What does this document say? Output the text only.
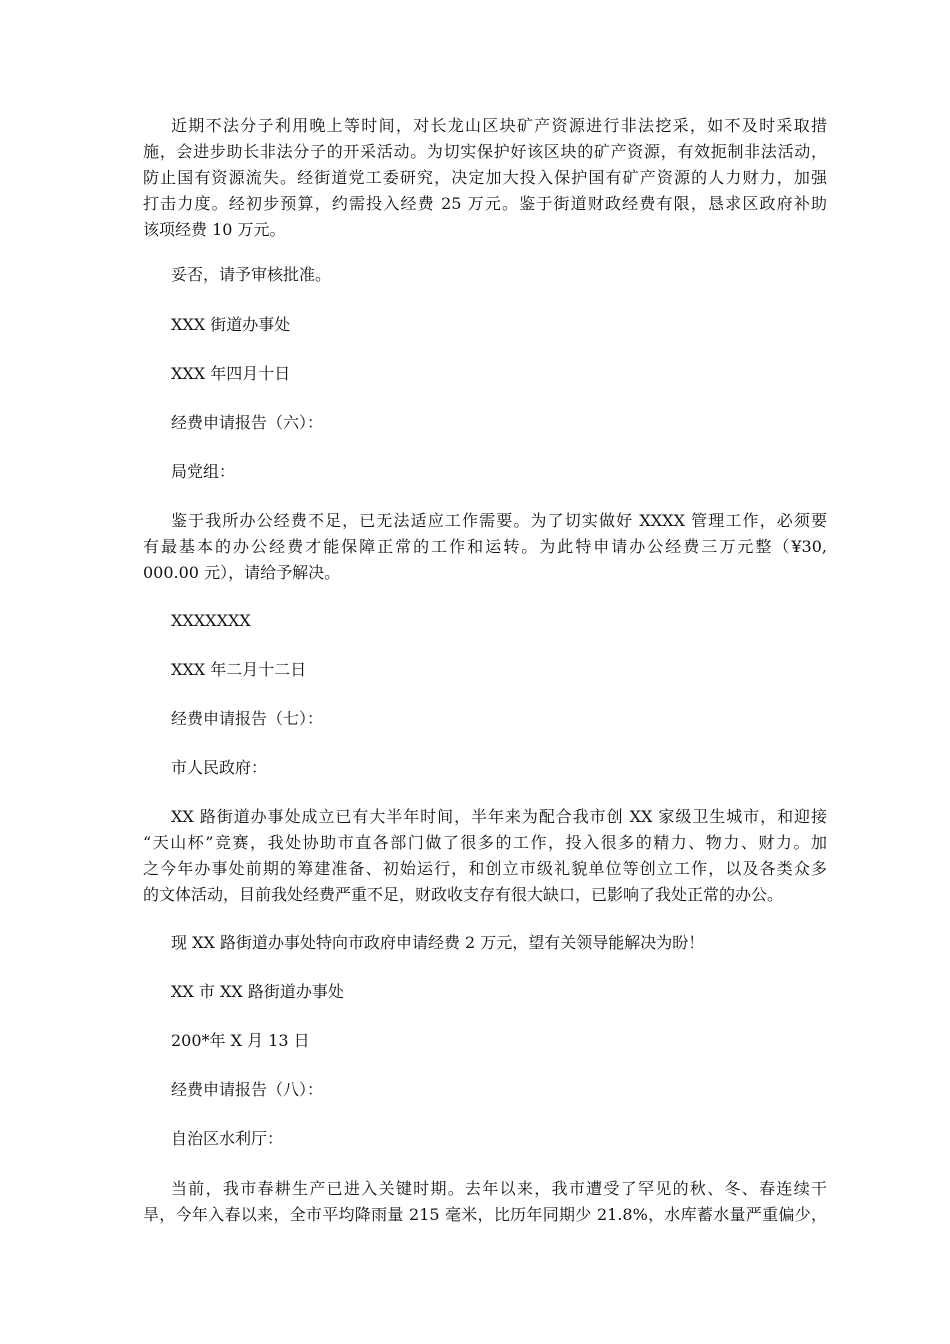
近期不法分子利用晚上等时间，对长龙山区块矿产资源进行非法挖采，如不及时采取措
施，会进步助长非法分子的开采活动。为切实保护好该区块的矿产资源，有效扼制非法活动，
防止国有资源流失。经街道党工委研究，决定加大投入保护国有矿产资源的人力财力，加强
打击力度。经初步预算，约需投入经费 25 万元。鉴于街道财政经费有限，恳求区政府补助
该项经费 10 万元。
妥否，请予审核批准。
XXX 街道办事处
XXX 年四月十日
经费申请报告（六）：
局党组：
鉴于我所办公经费不足，已无法适应工作需要。为了切实做好 XXXX 管理工作，必须要
有最基本的办公经费才能保障正常的工作和运转。为此特申请办公经费三万元整（¥30,
000.00 元），请给予解决。
XXXXXXX
XXX 年二月十二日
经费申请报告（七）：
市人民政府：
XX 路街道办事处成立已有大半年时间，半年来为配合我市创 XX 家级卫生城市，和迎接
“天山杯”竞赛，我处协助市直各部门做了很多的工作，投入很多的精力、物力、财力。加
之今年办事处前期的筹建准备、初始运行，和创立市级礼貌单位等创立工作，以及各类众多
的文体活动，目前我处经费严重不足，财政收支存有很大缺口，已影响了我处正常的办公。
现 XX 路街道办事处特向市政府申请经费 2 万元，望有关领导能解决为盼！
XX 市 XX 路街道办事处
200*年 X 月 13 日
经费申请报告（八）：
自治区水利厅：
当前，我市春耕生产已进入关键时期。去年以来，我市遭受了罕见的秋、冬、春连续干
旱，今年入春以来，全市平均降雨量 215 毫米，比历年同期少 21.8%，水库蓄水量严重偏少，
